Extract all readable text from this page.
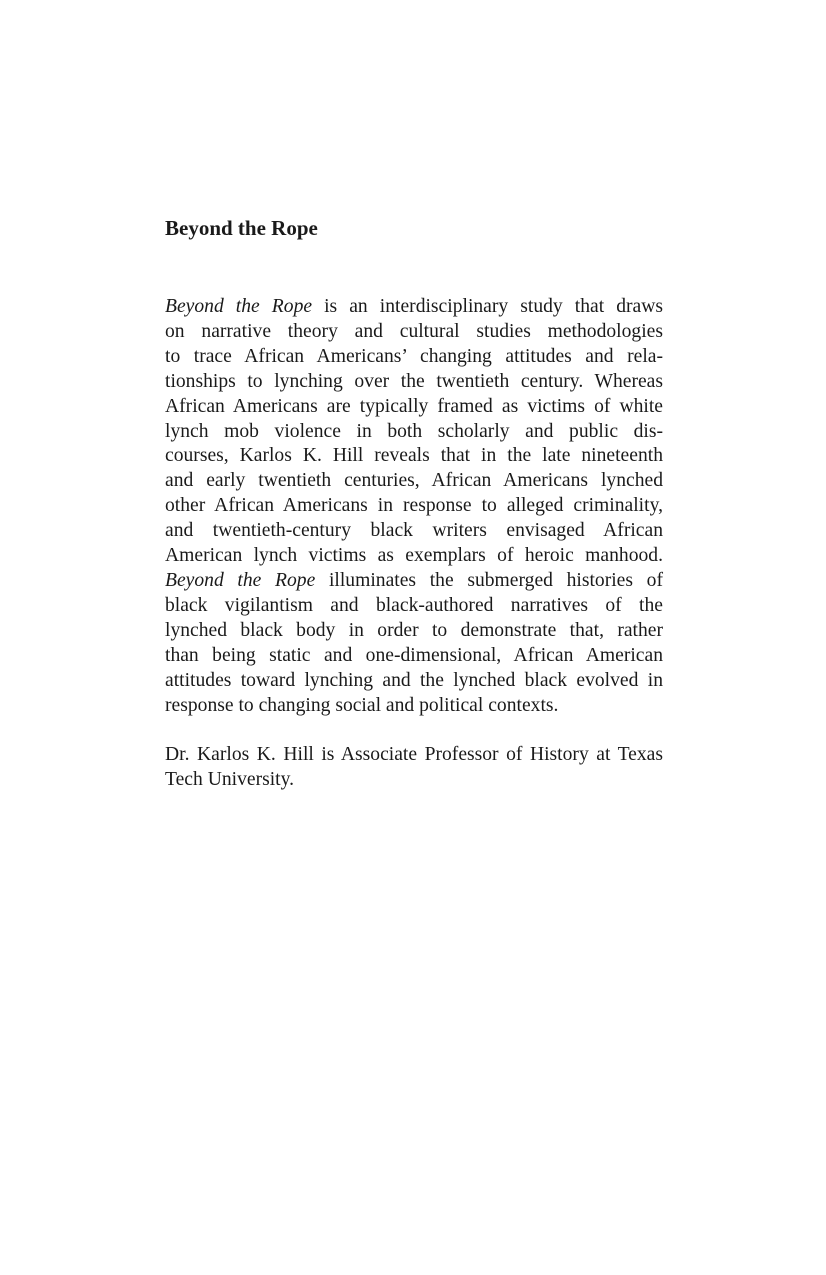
Beyond the Rope
Beyond the Rope is an interdisciplinary study that draws
on narrative theory and cultural studies methodologies
to trace African Americans’ changing attitudes and rela-
tionships to lynching over the twentieth century. Whereas
African Americans are typically framed as victims of white
lynch mob violence in both scholarly and public dis-
courses, Karlos K. Hill reveals that in the late nineteenth
and early twentieth centuries, African Americans lynched
other African Americans in response to alleged criminality,
and twentieth-century black writers envisaged African
American lynch victims as exemplars of heroic manhood.
Beyond the Rope illuminates the submerged histories of
black vigilantism and black-authored narratives of the
lynched black body in order to demonstrate that, rather
than being static and one-dimensional, African American
attitudes toward lynching and the lynched black evolved in
response to changing social and political contexts.
Dr. Karlos K. Hill is Associate Professor of History at Texas
Tech University.
